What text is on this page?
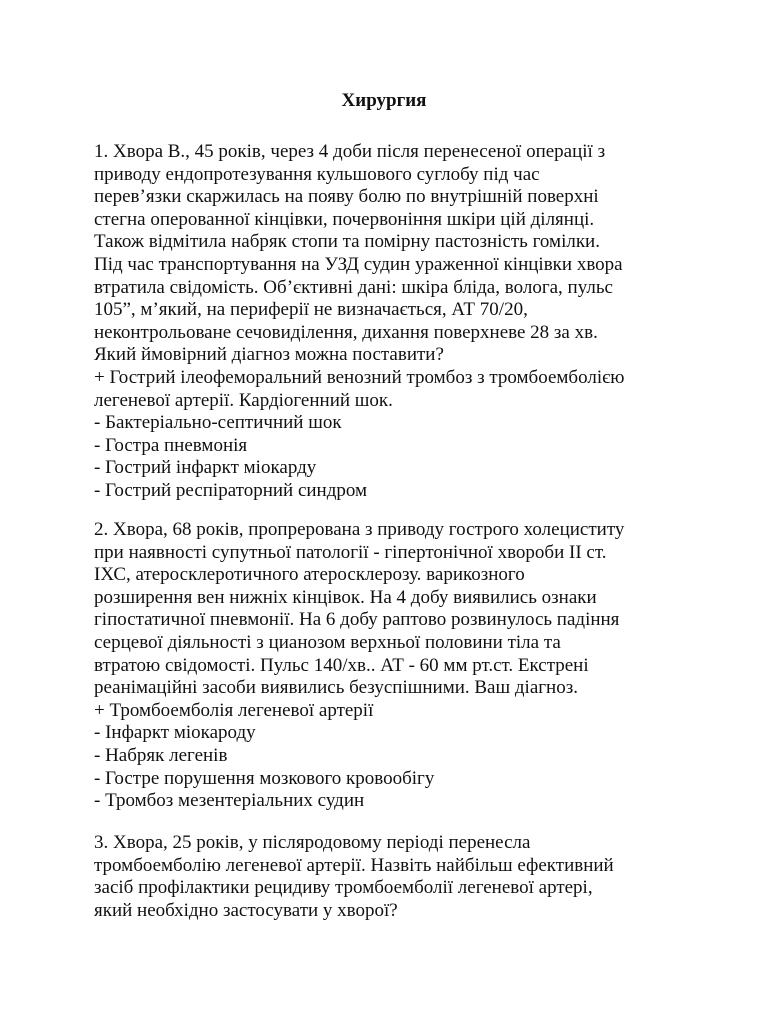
Хирургия
1. Хвора В., 45 років, через 4 доби після перенесеної операції з
приводу ендопротезування кульшового суглобу під час
перев’язки скаржилась на появу болю по внутрішній поверхні
стегна оперованної кінцівки, почервоніння шкіри цій ділянці.
Також відмітила набряк стопи та помірну пастозність гомілки.
Під час транспортування на УЗД судин ураженної кінцівки хвора
втратила свідомість. Об’єктивні дані: шкіра бліда, волога, пульс
105”, м’який, на периферії не визначається, АТ 70/20,
неконтрольоване сечовиділення, дихання поверхневе 28 за хв.
Який ймовірний діагноз можна поставити?
+ Гострий ілеофеморальний венозний тромбоз з тромбоемболією
легеневої артерії. Кардіогенний шок.
- Бактеріально-септичний шок
- Гостра пневмонія
- Гострий інфаркт міокарду
- Гострий респіраторний синдром
2. Хвора, 68 років, пропрерована з приводу гострого холециститу
при наявності супутньої патології - гіпертонічної хвороби II ст.
ІХС, атеросклеротичного атеросклерозу. варикозного
розширення вен нижніх кінцівок. На 4 добу виявились ознаки
гіпостатичної пневмонії. На 6 добу раптово розвинулось падіння
серцевої діяльності з цианозом верхньої половини тіла та
втратою свідомості. Пульс 140/хв.. АТ - 60 мм рт.ст. Екстрені
реанімаційні засоби виявились безуспішними. Ваш діагноз.
+ Тромбоемболія легеневої артерії
- Інфаркт міокароду
- Набряк легенів
- Гостре порушення мозкового кровообігу
- Тромбоз мезентеріальних судин
3. Хвора, 25 років, у післяродовому періоді перенесла
тромбоемболію легеневої артерії. Назвіть найбільш ефективний
засіб профілактики рецидиву тромбоемболії легеневої артері,
який необхідно застосувати у хворої?
